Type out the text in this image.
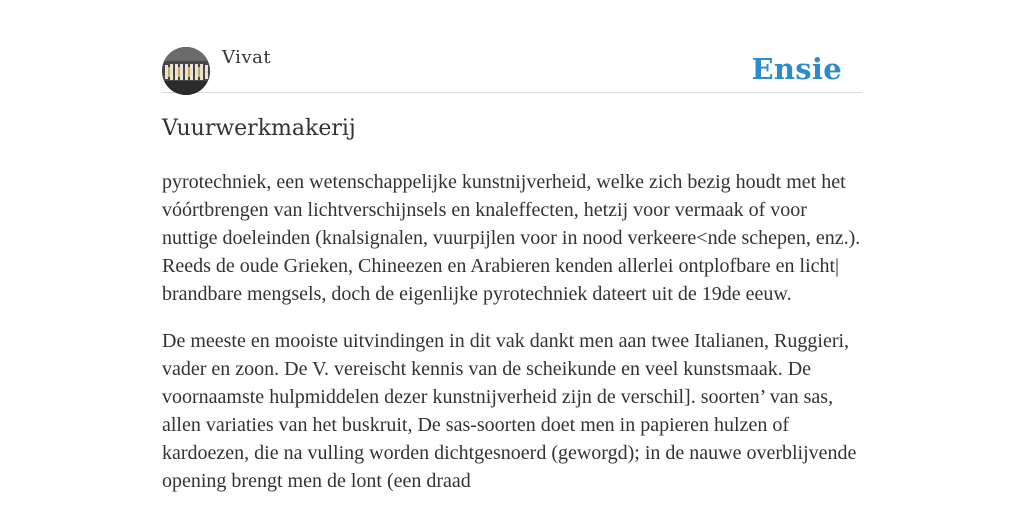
Vivat	Ensie
Vuurwerkmakerij

pyrotechniek, een wetenschappelijke kunstnijverheid, welke zich bezig houdt met het vóórtbrengen van lichtverschijnsels en knaleffecten, hetzij voor vermaak of voor nuttige doeleinden (knalsignalen, vuurpijlen voor in nood verkeere<nde schepen, enz.). Reeds de oude Grieken, Chineezen en Arabieren kenden allerlei ontplofbare en licht| brandbare mengsels, doch de eigenlijke pyrotechniek dateert uit de 19de eeuw.

De meeste en mooiste uitvindingen in dit vak dankt men aan twee Italianen, Ruggieri, vader en zoon. De V. vereischt kennis van de scheikunde en veel kunstsmaak. De voornaamste hulpmiddelen dezer kunstnijverheid zijn de verschil]. soorten’ van sas, allen variaties van het buskruit, De sas-soorten doet men in papieren hulzen of kardoezen, die na vulling worden dichtgesnoerd (geworgd); in de nauwe overblijvende opening brengt men de lont (een draad
